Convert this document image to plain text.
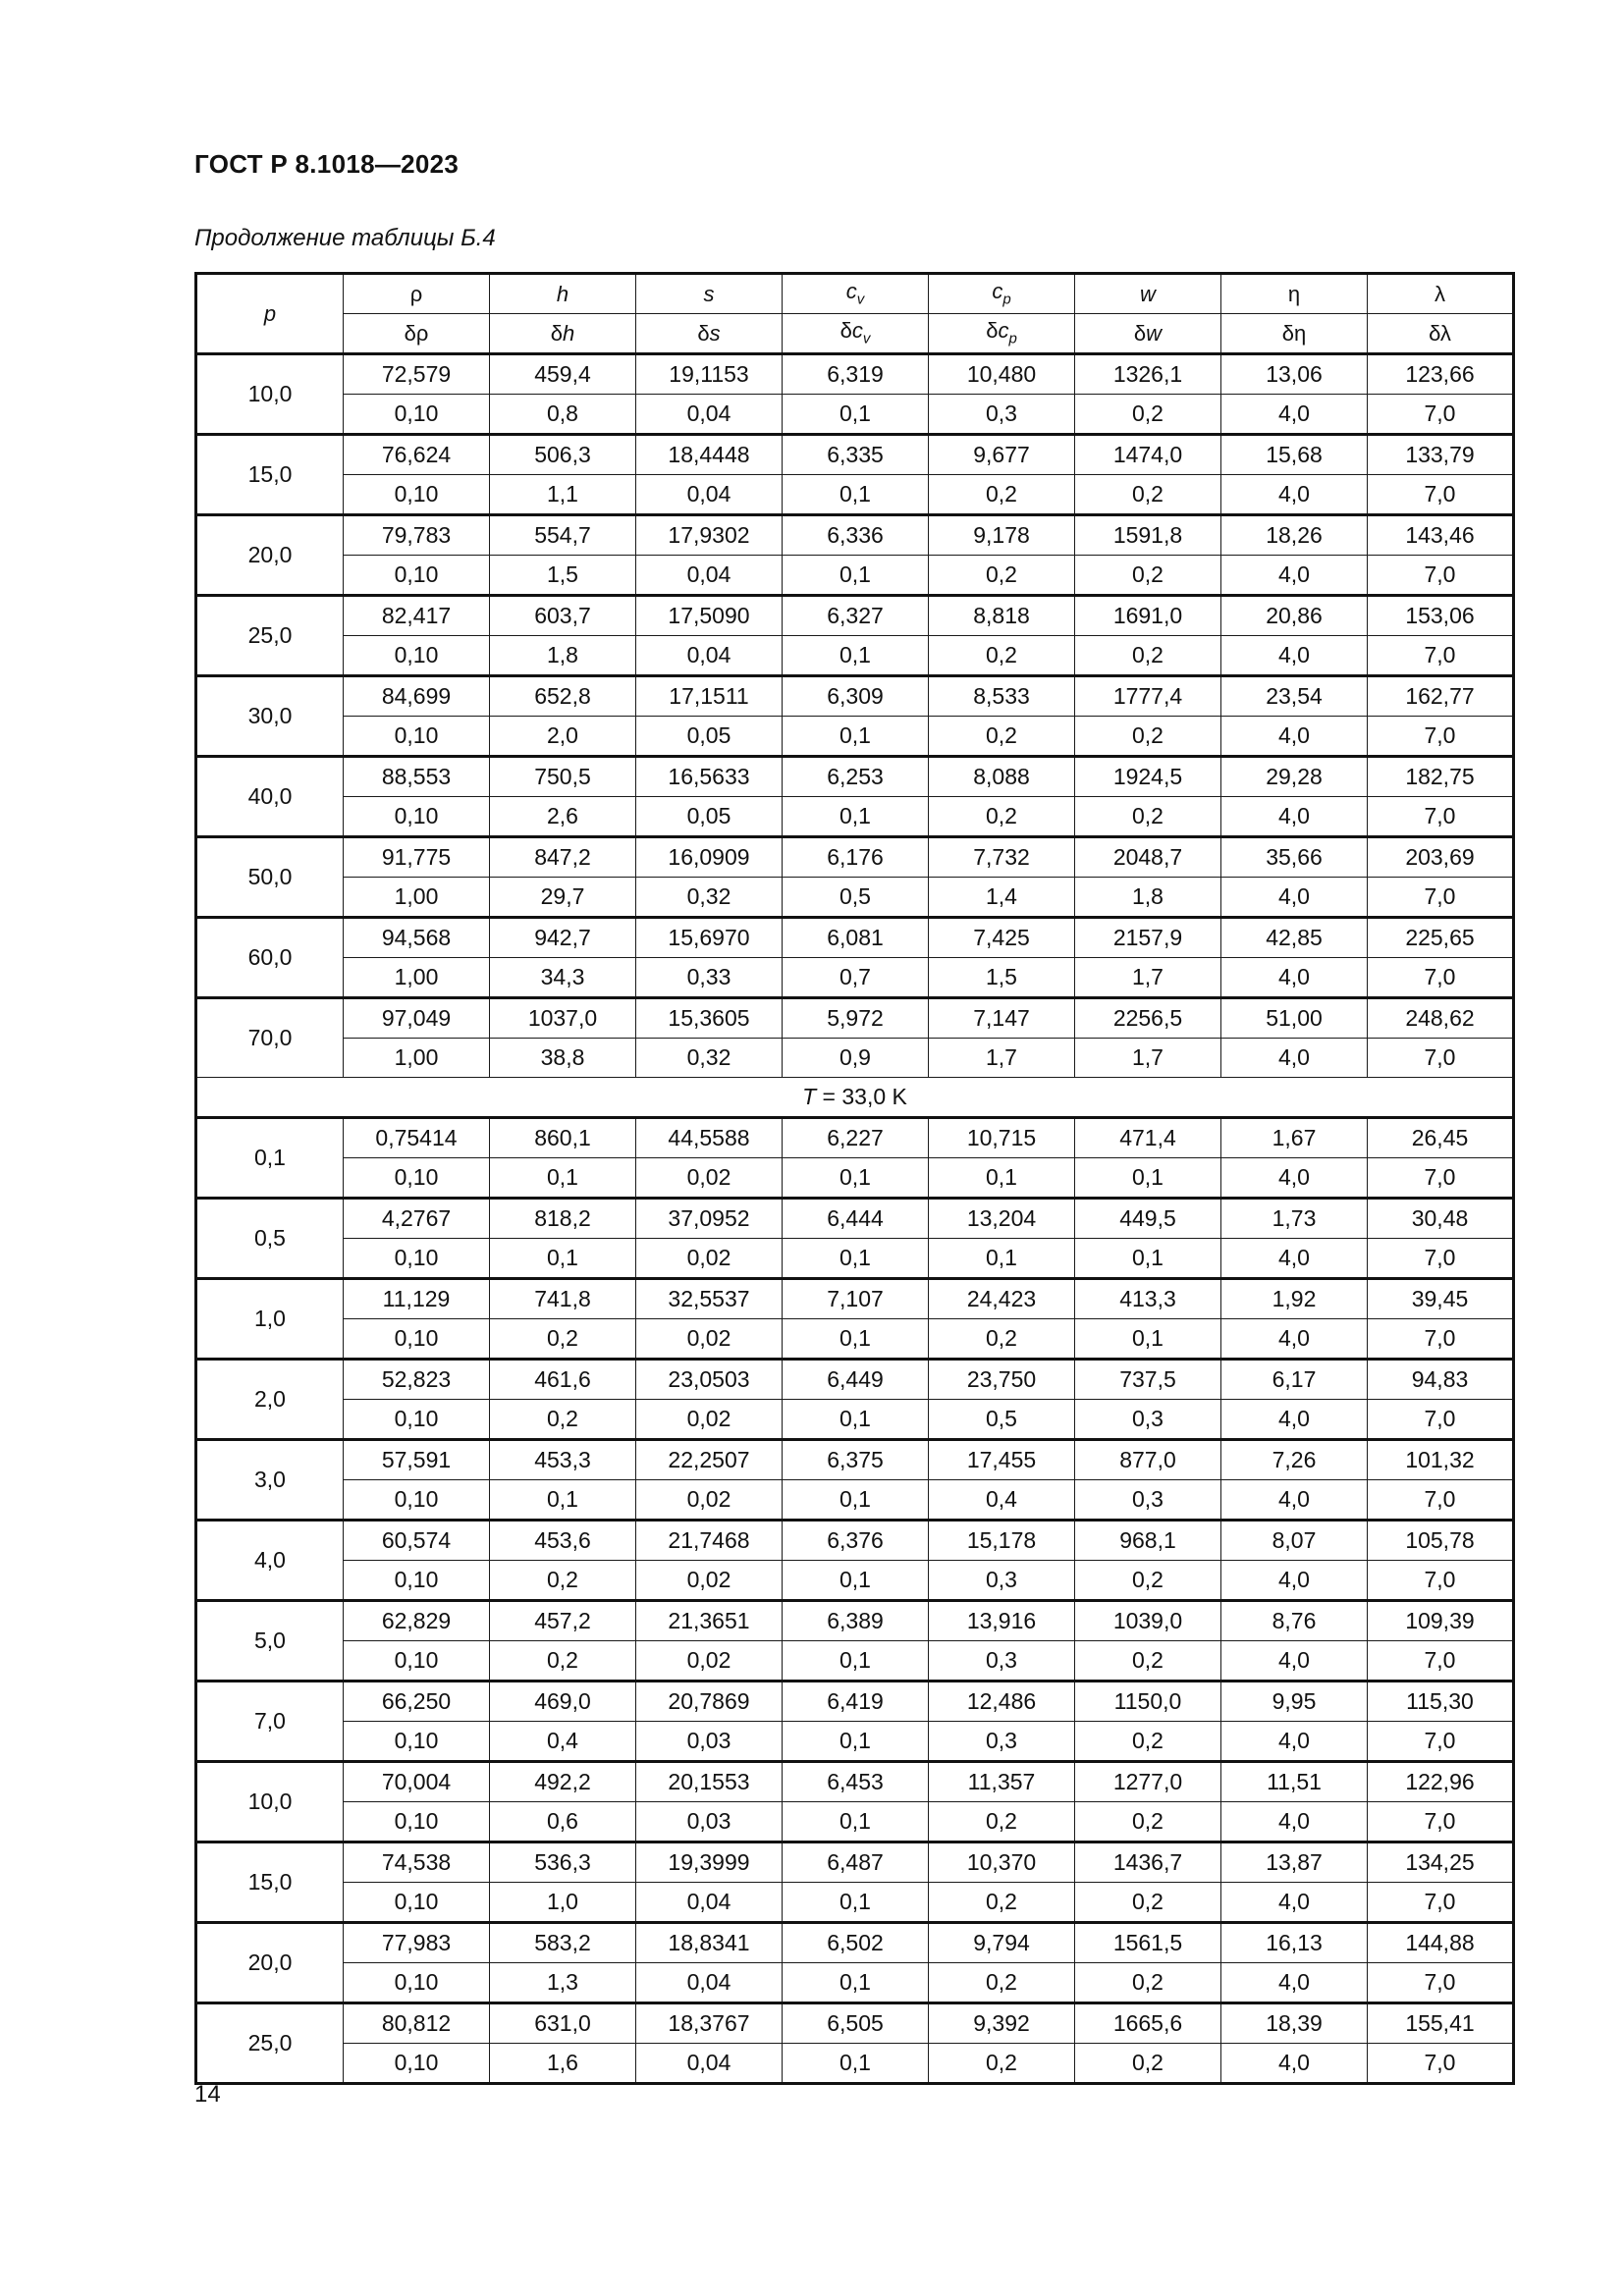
ГОСТ Р 8.1018—2023
Продолжение таблицы Б.4
p	ρ	h	s	$c_v$	$c_p$	w	η	λ
	δρ	δh	δs	$\delta c_v$	$\delta c_p$	δw	δη	δλ
10,0	72,579	459,4	19,1153	6,319	10,480	1326,1	13,06	123,66
	0,10	0,8	0,04	0,1	0,3	0,2	4,0	7,0
15,0	76,624	506,3	18,4448	6,335	9,677	1474,0	15,68	133,79
	0,10	1,1	0,04	0,1	0,2	0,2	4,0	7,0
20,0	79,783	554,7	17,9302	6,336	9,178	1591,8	18,26	143,46
	0,10	1,5	0,04	0,1	0,2	0,2	4,0	7,0
25,0	82,417	603,7	17,5090	6,327	8,818	1691,0	20,86	153,06
	0,10	1,8	0,04	0,1	0,2	0,2	4,0	7,0
30,0	84,699	652,8	17,1511	6,309	8,533	1777,4	23,54	162,77
	0,10	2,0	0,05	0,1	0,2	0,2	4,0	7,0
40,0	88,553	750,5	16,5633	6,253	8,088	1924,5	29,28	182,75
	0,10	2,6	0,05	0,1	0,2	0,2	4,0	7,0
50,0	91,775	847,2	16,0909	6,176	7,732	2048,7	35,66	203,69
	1,00	29,7	0,32	0,5	1,4	1,8	4,0	7,0
60,0	94,568	942,7	15,6970	6,081	7,425	2157,9	42,85	225,65
	1,00	34,3	0,33	0,7	1,5	1,7	4,0	7,0
70,0	97,049	1037,0	15,3605	5,972	7,147	2256,5	51,00	248,62
	1,00	38,8	0,32	0,9	1,7	1,7	4,0	7,0
T = 33,0 K								
0,1	0,75414	860,1	44,5588	6,227	10,715	471,4	1,67	26,45
	0,10	0,1	0,02	0,1	0,1	0,1	4,0	7,0
0,5	4,2767	818,2	37,0952	6,444	13,204	449,5	1,73	30,48
	0,10	0,1	0,02	0,1	0,1	0,1	4,0	7,0
1,0	11,129	741,8	32,5537	7,107	24,423	413,3	1,92	39,45
	0,10	0,2	0,02	0,1	0,2	0,1	4,0	7,0
2,0	52,823	461,6	23,0503	6,449	23,750	737,5	6,17	94,83
	0,10	0,2	0,02	0,1	0,5	0,3	4,0	7,0
3,0	57,591	453,3	22,2507	6,375	17,455	877,0	7,26	101,32
	0,10	0,1	0,02	0,1	0,4	0,3	4,0	7,0
4,0	60,574	453,6	21,7468	6,376	15,178	968,1	8,07	105,78
	0,10	0,2	0,02	0,1	0,3	0,2	4,0	7,0
5,0	62,829	457,2	21,3651	6,389	13,916	1039,0	8,76	109,39
	0,10	0,2	0,02	0,1	0,3	0,2	4,0	7,0
7,0	66,250	469,0	20,7869	6,419	12,486	1150,0	9,95	115,30
	0,10	0,4	0,03	0,1	0,3	0,2	4,0	7,0
10,0	70,004	492,2	20,1553	6,453	11,357	1277,0	11,51	122,96
	0,10	0,6	0,03	0,1	0,2	0,2	4,0	7,0
15,0	74,538	536,3	19,3999	6,487	10,370	1436,7	13,87	134,25
	0,10	1,0	0,04	0,1	0,2	0,2	4,0	7,0
20,0	77,983	583,2	18,8341	6,502	9,794	1561,5	16,13	144,88
	0,10	1,3	0,04	0,1	0,2	0,2	4,0	7,0
25,0	80,812	631,0	18,3767	6,505	9,392	1665,6	18,39	155,41
	0,10	1,6	0,04	0,1	0,2	0,2	4,0	7,0
14
